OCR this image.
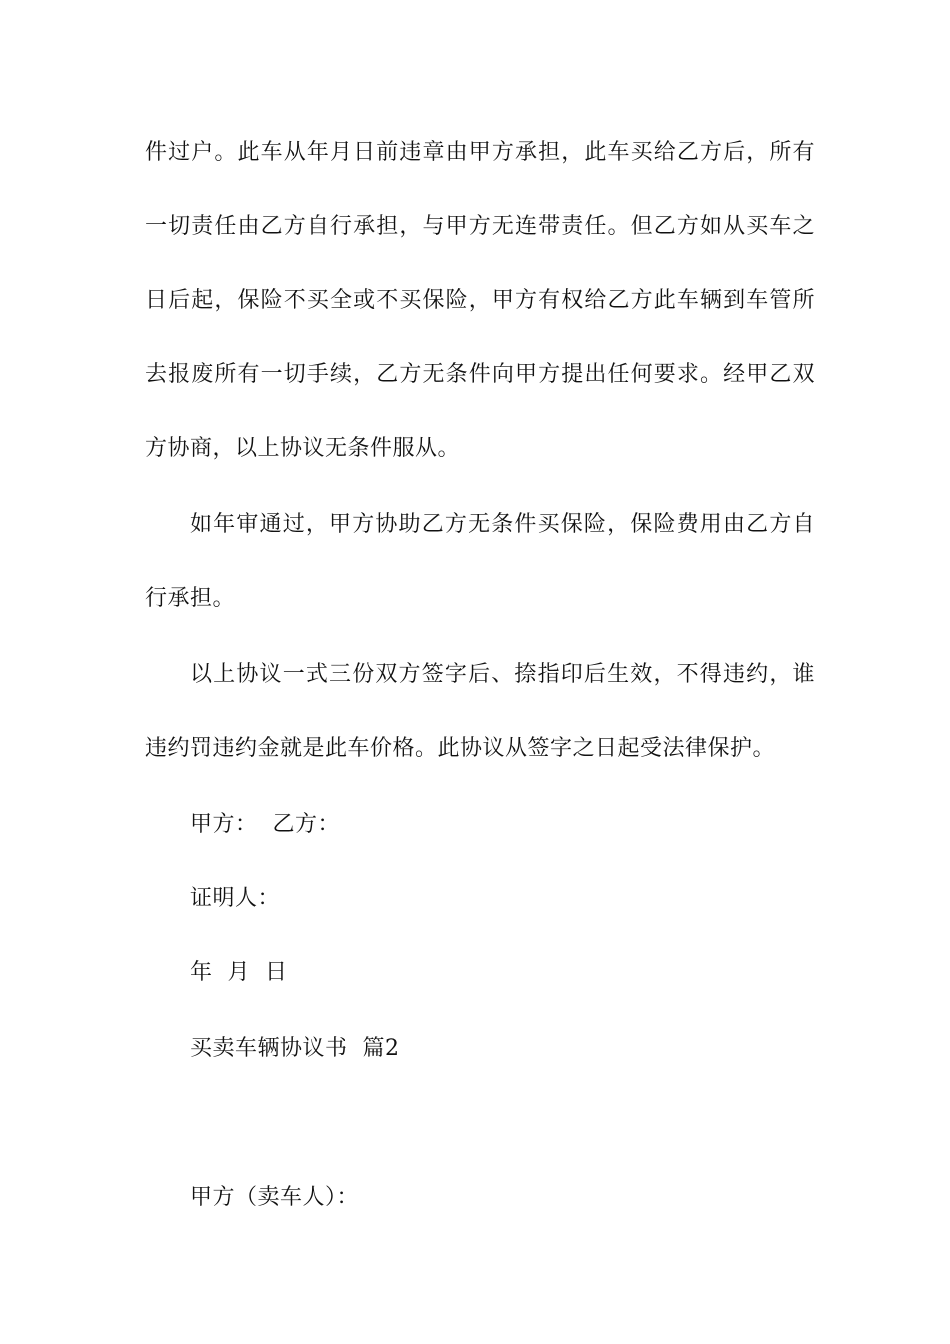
件过户。此车从年月日前违章由甲方承担，此车买给乙方后，所有
一切责任由乙方自行承担，与甲方无连带责任。但乙方如从买车之
日后起，保险不买全或不买保险，甲方有权给乙方此车辆到车管所
去报废所有一切手续，乙方无条件向甲方提出任何要求。经甲乙双
方协商，以上协议无条件服从。
如年审通过，甲方协助乙方无条件买保险，保险费用由乙方自
行承担。
以上协议一式三份双方签字后、捺指印后生效，不得违约，谁
违约罚违约金就是此车价格。此协议从签字之日起受法律保护。
甲方：  乙方：
证明人：
年  月  日
买卖车辆协议书  篇2
甲方（卖车人）：
